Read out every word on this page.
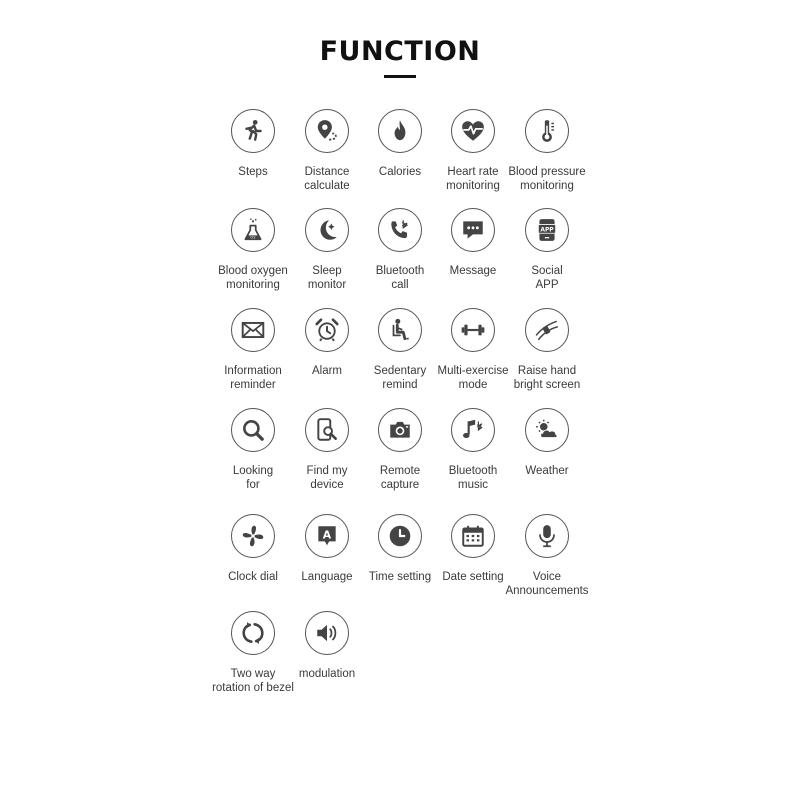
FUNCTION
Steps	Distance
calculate
Calories	Heart rate
monitoring
Blood pressure
monitoring
O2
Blood oxygen
monitoring
Sleep
monitor
Bluetooth
call
Message
APP
Social
APP
Information
reminder
Alarm	Sedentary
remind
Multi-exercise
mode
Raise hand
bright screen
Looking
for
Find my
device
Remote
capture
Bluetooth
music
Weather
Clock dial
A
Language	Time setting Date setting	Voice
Announcements
Two way
rotation of bezel
modulation
